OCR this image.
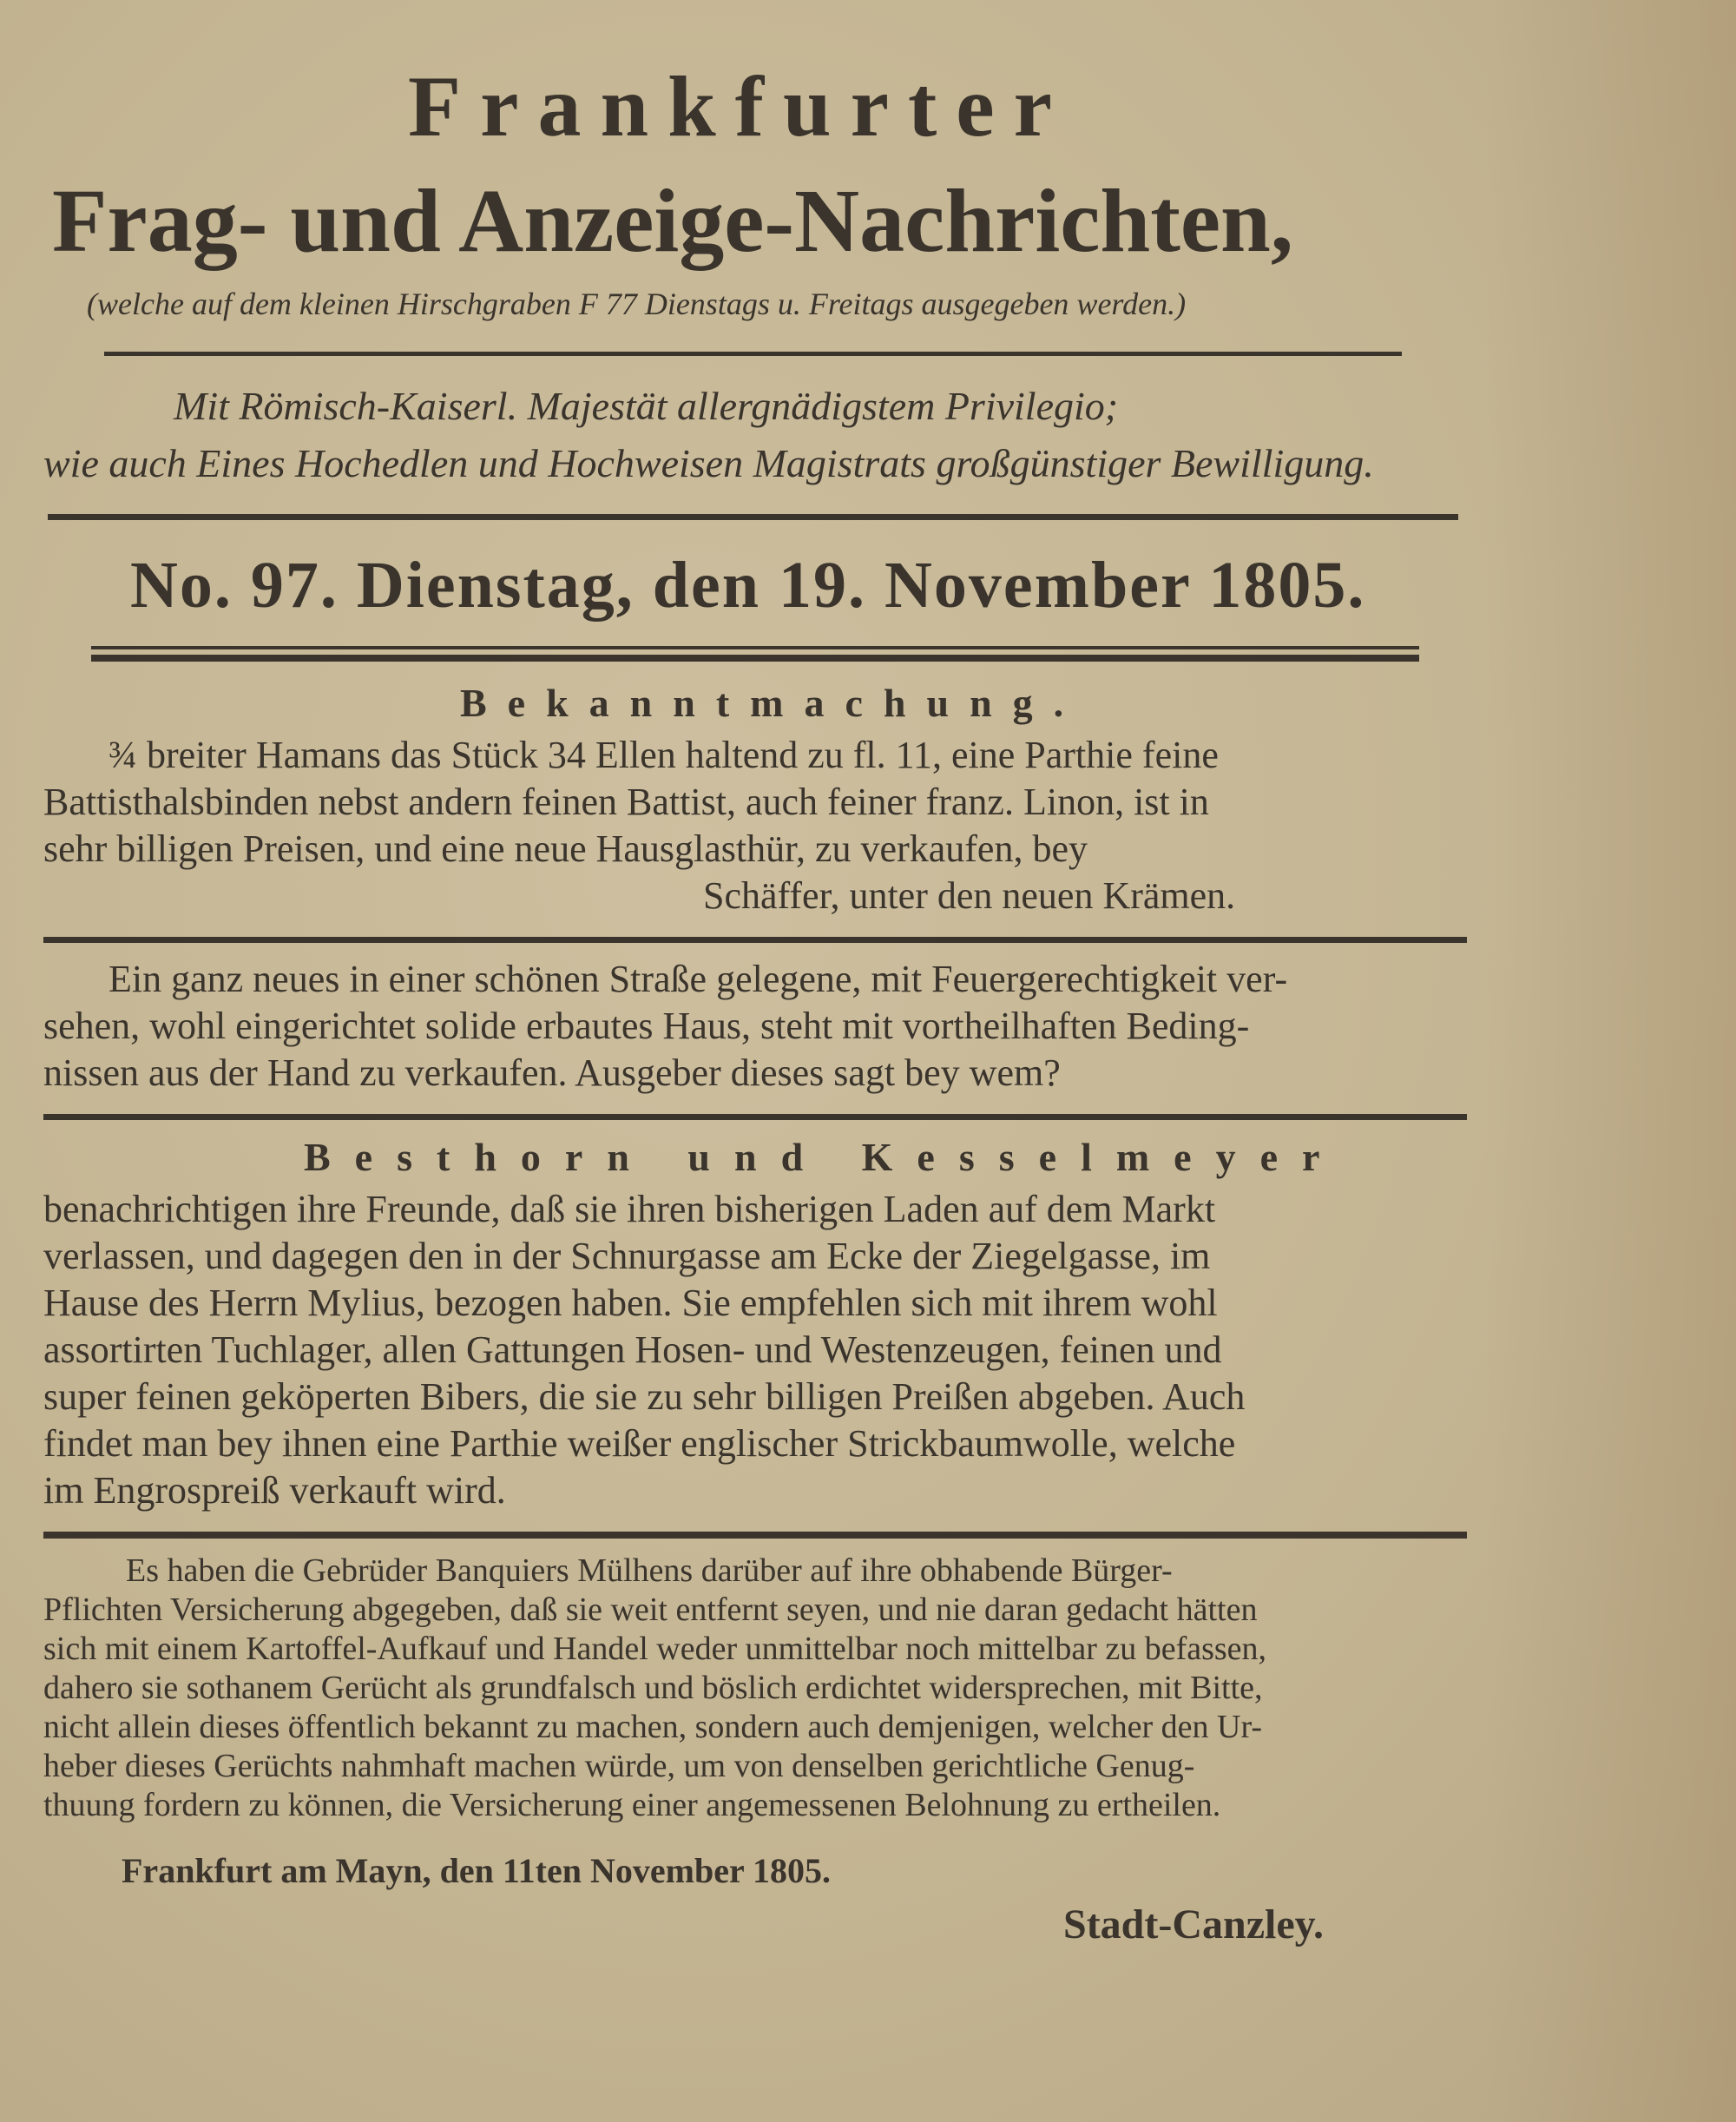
Frankfurter
Frag- und Anzeige-Nachrichten,
(welche auf dem kleinen Hirschgraben F 77 Dienstags u. Freitags ausgegeben werden.)
Mit Römisch-Kaiserl. Majestät allergnädigstem Privilegio;
wie auch Eines Hochedlen und Hochweisen Magistrats großgünstiger Bewilligung.
No. 97. Dienstag, den 19. November 1805.
Bekanntmachung.
¾ breiter Hamans das Stück 34 Ellen haltend zu fl. 11, eine Parthie feine
Battisthalsbinden nebst andern feinen Battist, auch feiner franz. Linon, ist in
sehr billigen Preisen, und eine neue Hausglasthür, zu verkaufen, bey
Schäffer, unter den neuen Krämen.
Ein ganz neues in einer schönen Straße gelegene, mit Feuergerechtigkeit ver-
sehen, wohl eingerichtet solide erbautes Haus, steht mit vortheilhaften Beding-
nissen aus der Hand zu verkaufen. Ausgeber dieses sagt bey wem?
Besthorn und Kesselmeyer
benachrichtigen ihre Freunde, daß sie ihren bisherigen Laden auf dem Markt
verlassen, und dagegen den in der Schnurgasse am Ecke der Ziegelgasse, im
Hause des Herrn Mylius, bezogen haben. Sie empfehlen sich mit ihrem wohl
assortirten Tuchlager, allen Gattungen Hosen- und Westenzeugen, feinen und
super feinen geköperten Bibers, die sie zu sehr billigen Preißen abgeben. Auch
findet man bey ihnen eine Parthie weißer englischer Strickbaumwolle, welche
im Engrospreiß verkauft wird.
Es haben die Gebrüder Banquiers Mülhens darüber auf ihre obhabende Bürger-
Pflichten Versicherung abgegeben, daß sie weit entfernt seyen, und nie daran gedacht hätten
sich mit einem Kartoffel-Aufkauf und Handel weder unmittelbar noch mittelbar zu befassen,
dahero sie sothanem Gerücht als grundfalsch und böslich erdichtet widersprechen, mit Bitte,
nicht allein dieses öffentlich bekannt zu machen, sondern auch demjenigen, welcher den Ur-
heber dieses Gerüchts nahmhaft machen würde, um von denselben gerichtliche Genug-
thuung fordern zu können, die Versicherung einer angemessenen Belohnung zu ertheilen.
Frankfurt am Mayn, den 11ten November 1805.
Stadt-Canzley.
